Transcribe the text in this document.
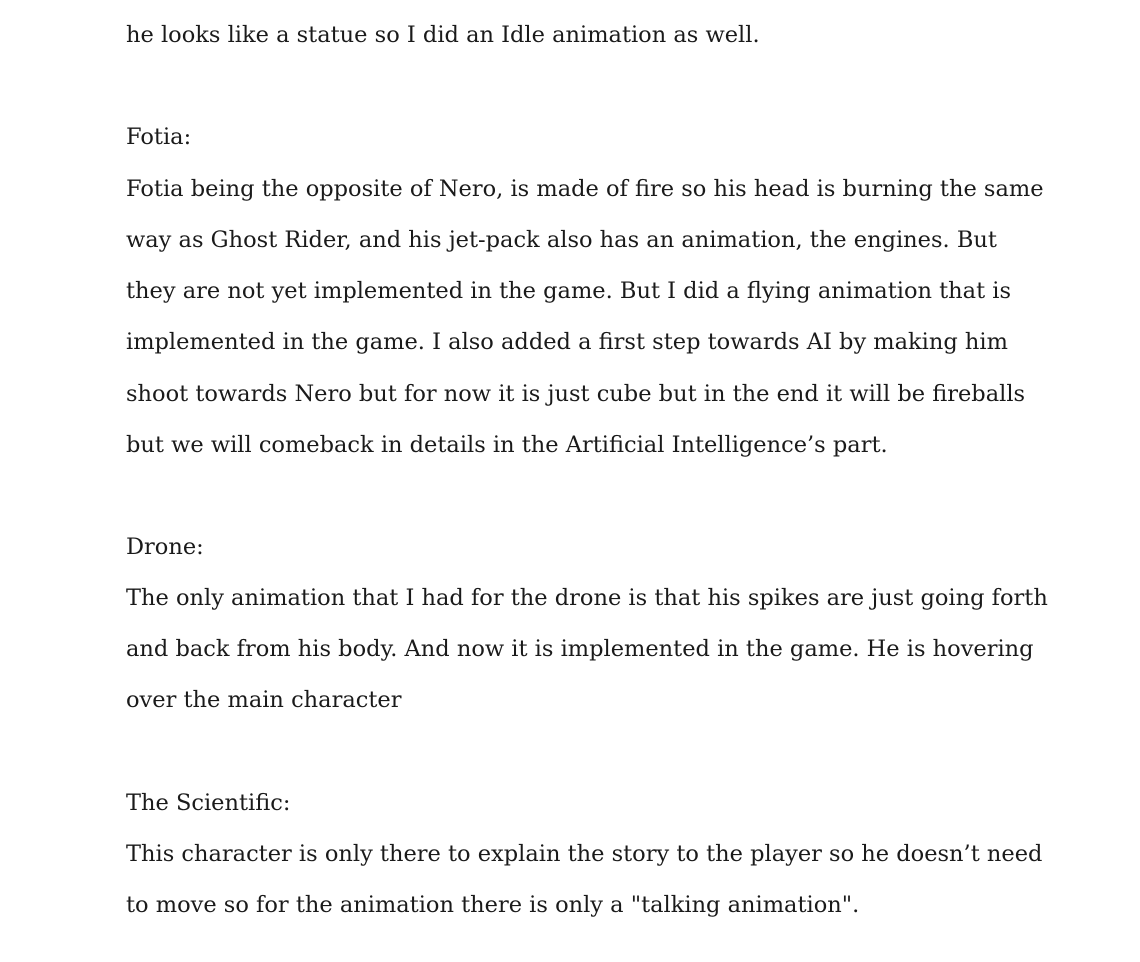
he looks like a statue so I did an Idle animation as well.
Fotia:
Fotia being the opposite of Nero, is made of fire so his head is burning the same
way as Ghost Rider, and his jet-pack also has an animation, the engines. But
they are not yet implemented in the game. But I did a flying animation that is
implemented in the game. I also added a first step towards AI by making him
shoot towards Nero but for now it is just cube but in the end it will be fireballs
but we will comeback in details in the Artificial Intelligence’s part.
Drone:
The only animation that I had for the drone is that his spikes are just going forth
and back from his body. And now it is implemented in the game. He is hovering
over the main character
The Scientific:
This character is only there to explain the story to the player so he doesn’t need
to move so for the animation there is only a "talking animation".
